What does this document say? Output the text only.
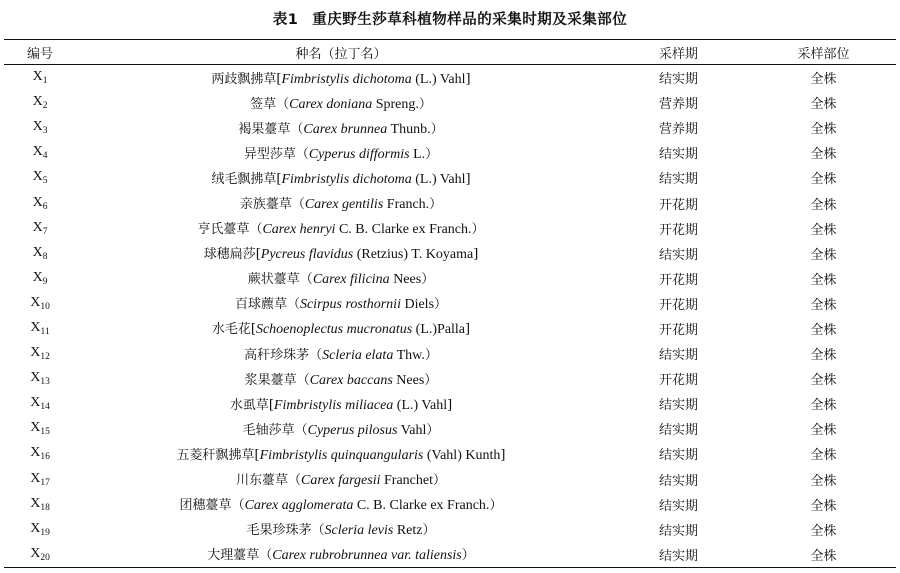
表1 重庆野生莎草科植物样品的采集时期及采集部位
编号	种名（拉丁名）	采样期	采样部位
$X_1$	两歧飘拂草[Fimbristylis dichotoma (L.) Vahl]	结实期	全株
$X_2$	签草（Carex doniana Spreng.）	营养期	全株
$X_3$	褐果薹草（Carex brunnea Thunb.）	营养期	全株
$X_4$	异型莎草（Cyperus difformis L.）	结实期	全株
$X_5$	绒毛飘拂草[Fimbristylis dichotoma (L.) Vahl]	结实期	全株
$X_6$	亲族薹草（Carex gentilis Franch.）	开花期	全株
$X_7$	亨氏薹草（Carex henryi C. B. Clarke ex Franch.）	开花期	全株
$X_8$	球穗扁莎[Pycreus flavidus (Retzius) T. Koyama]	结实期	全株
$X_9$	蕨状薹草（Carex filicina Nees）	开花期	全株
$X_{10}$	百球藨草（Scirpus rosthornii Diels）	开花期	全株
$X_{11}$	水毛花[Schoenoplectus mucronatus (L.)Palla]	开花期	全株
$X_{12}$	高秆珍珠茅（Scleria elata Thw.）	结实期	全株
$X_{13}$	浆果薹草（Carex baccans Nees）	开花期	全株
$X_{14}$	水虱草[Fimbristylis miliacea (L.) Vahl]	结实期	全株
$X_{15}$	毛轴莎草（Cyperus pilosus Vahl）	结实期	全株
$X_{16}$	五菱秆飘拂草[Fimbristylis quinquangularis (Vahl) Kunth]	结实期	全株
$X_{17}$	川东薹草（Carex fargesii Franchet）	结实期	全株
$X_{18}$	团穗薹草（Carex agglomerata C. B. Clarke ex Franch.）	结实期	全株
$X_{19}$	毛果珍珠茅（Scleria levis Retz）	结实期	全株
$X_{20}$	大理薹草（Carex rubrobrunnea var. taliensis）	结实期	全株
